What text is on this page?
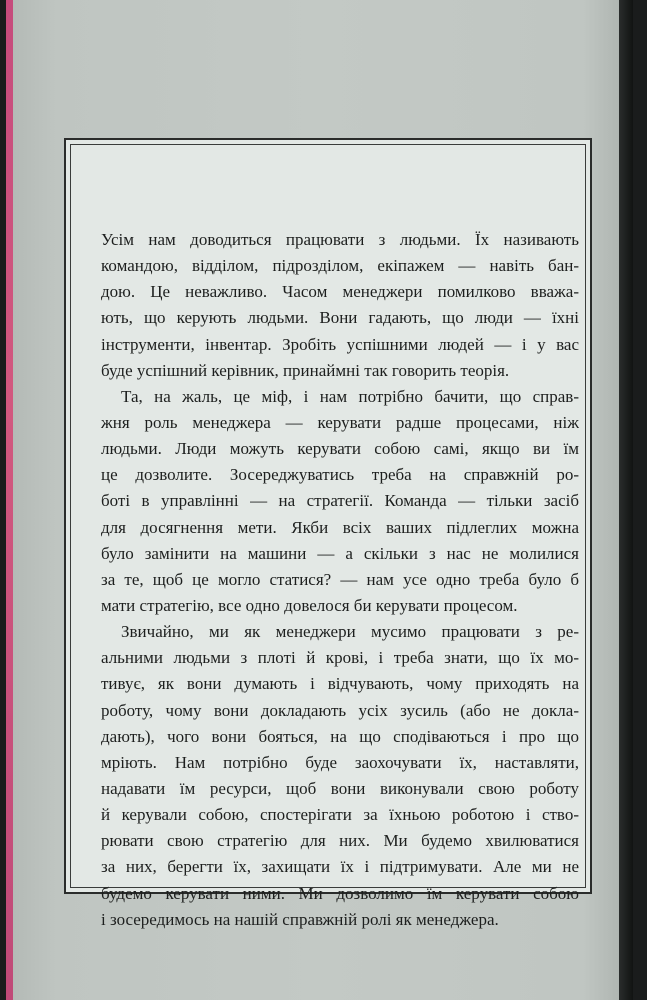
Усім нам доводиться працювати з людьми. Їх називають
командою, відділом, підрозділом, екіпажем — навіть бан-
дою. Це неважливо. Часом менеджери помилково вважа-
ють, що керують людьми. Вони гадають, що люди — їхні
інструменти, інвентар. Зробіть успішними людей — і у вас
буде успішний керівник, принаймні так говорить теорія.
Та, на жаль, це міф, і нам потрібно бачити, що справ-
жня роль менеджера — керувати радше процесами, ніж
людьми. Люди можуть керувати собою самі, якщо ви їм
це дозволите. Зосереджуватись треба на справжній ро-
боті в управлінні — на стратегії. Команда — тільки засіб
для досягнення мети. Якби всіх ваших підлеглих можна
було замінити на машини — а скільки з нас не молилися
за те, щоб це могло статися? — нам усе одно треба було б
мати стратегію, все одно довелося би керувати процесом.
Звичайно, ми як менеджери мусимо працювати з ре-
альними людьми з плоті й крові, і треба знати, що їх мо-
тивує, як вони думають і відчувають, чому приходять на
роботу, чому вони докладають усіх зусиль (або не докла-
дають), чого вони бояться, на що сподіваються і про що
мріють. Нам потрібно буде заохочувати їх, наставляти,
надавати їм ресурси, щоб вони виконували свою роботу
й керували собою, спостерігати за їхньою роботою і ство-
рювати свою стратегію для них. Ми будемо хвилюватися
за них, берегти їх, захищати їх і підтримувати. Але ми не
будемо керувати ними. Ми дозволимо їм керувати собою
і зосередимось на нашій справжній ролі як менеджера.
